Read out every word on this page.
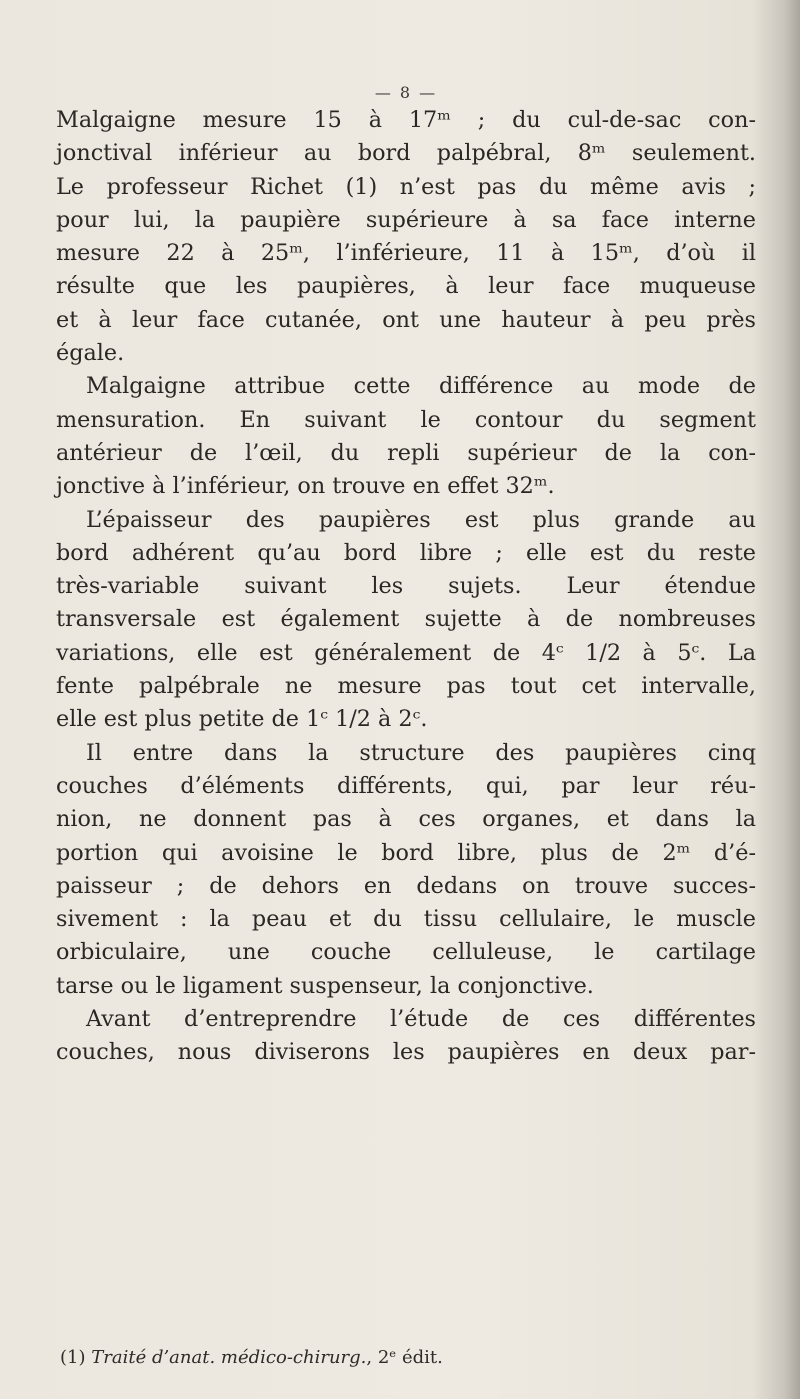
— 8 —
Malgaigne mesure 15 à 17ᵐ ; du cul-de-sac con-
jonctival inférieur au bord palpébral, 8ᵐ seulement.
Le professeur Richet (1) n’est pas du même avis ;
pour lui, la paupière supérieure à sa face interne
mesure 22 à 25ᵐ, l’inférieure, 11 à 15ᵐ, d’où il
résulte que les paupières, à leur face muqueuse
et à leur face cutanée, ont une hauteur à peu près
égale.
Malgaigne attribue cette différence au mode de
mensuration. En suivant le contour du segment
antérieur de l’œil, du repli supérieur de la con-
jonctive à l’inférieur, on trouve en effet 32ᵐ.
L’épaisseur des paupières est plus grande au
bord adhérent qu’au bord libre ; elle est du reste
très-variable suivant les sujets. Leur étendue
transversale est également sujette à de nombreuses
variations, elle est généralement de 4ᶜ 1/2 à 5ᶜ. La
fente palpébrale ne mesure pas tout cet intervalle,
elle est plus petite de 1ᶜ 1/2 à 2ᶜ.
Il entre dans la structure des paupières cinq
couches d’éléments différents, qui, par leur réu-
nion, ne donnent pas à ces organes, et dans la
portion qui avoisine le bord libre, plus de 2ᵐ d’é-
paisseur ; de dehors en dedans on trouve succes-
sivement : la peau et du tissu cellulaire, le muscle
orbiculaire, une couche celluleuse, le cartilage
tarse ou le ligament suspenseur, la conjonctive.
Avant d’entreprendre l’étude de ces différentes
couches, nous diviserons les paupières en deux par-
(1) Traité d’anat. médico-chirurg., 2ᵉ édit.
